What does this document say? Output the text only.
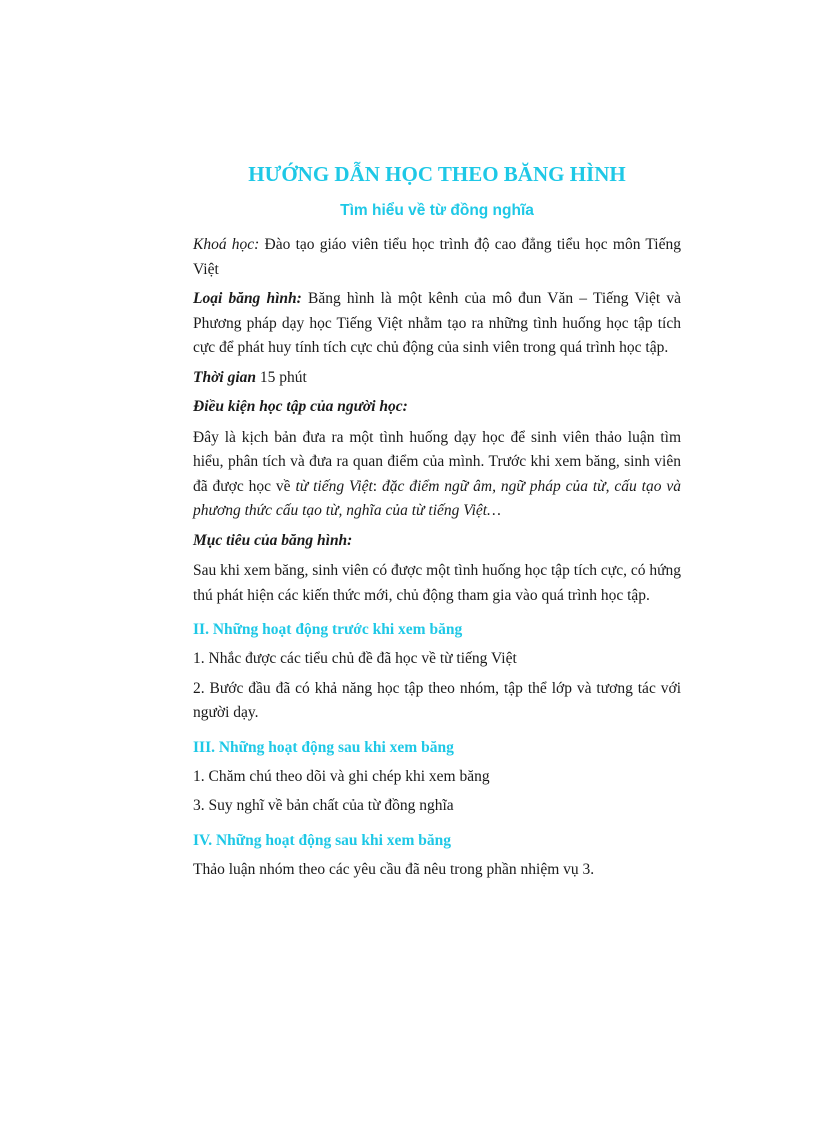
HƯỚNG DẪN HỌC THEO BĂNG HÌNH
Tìm hiểu về từ đồng nghĩa

Khoá học: Đào tạo giáo viên tiểu học trình độ cao đẳng tiểu học môn Tiếng Việt

Loại băng hình: Băng hình là một kênh của mô đun Văn – Tiếng Việt và Phương pháp dạy học Tiếng Việt nhằm tạo ra những tình huống học tập tích cực để phát huy tính tích cực chủ động của sinh viên trong quá trình học tập.

Thời gian 15 phút

Điều kiện học tập của người học:

Đây là kịch bản đưa ra một tình huống dạy học để sinh viên thảo luận tìm hiểu, phân tích và đưa ra quan điểm của mình. Trước khi xem băng, sinh viên đã được học về từ tiếng Việt: đặc điểm ngữ âm, ngữ pháp của từ, cấu tạo và phương thức cấu tạo từ, nghĩa của từ tiếng Việt…

Mục tiêu của băng hình:

Sau khi xem băng, sinh viên có được một tình huống học tập tích cực, có hứng thú phát hiện các kiến thức mới, chủ động tham gia vào quá trình học tập.

II. Những hoạt động trước khi xem băng

1. Nhắc được các tiểu chủ đề đã học về từ tiếng Việt

2. Bước đầu đã có khả năng học tập theo nhóm, tập thể lớp và tương tác với người dạy.

III. Những hoạt động sau khi xem băng

1. Chăm chú theo dõi và ghi chép khi xem băng

3. Suy nghĩ về bản chất của từ đồng nghĩa

IV. Những hoạt động sau khi xem băng

Thảo luận nhóm theo các yêu cầu đã nêu trong phần nhiệm vụ 3.
